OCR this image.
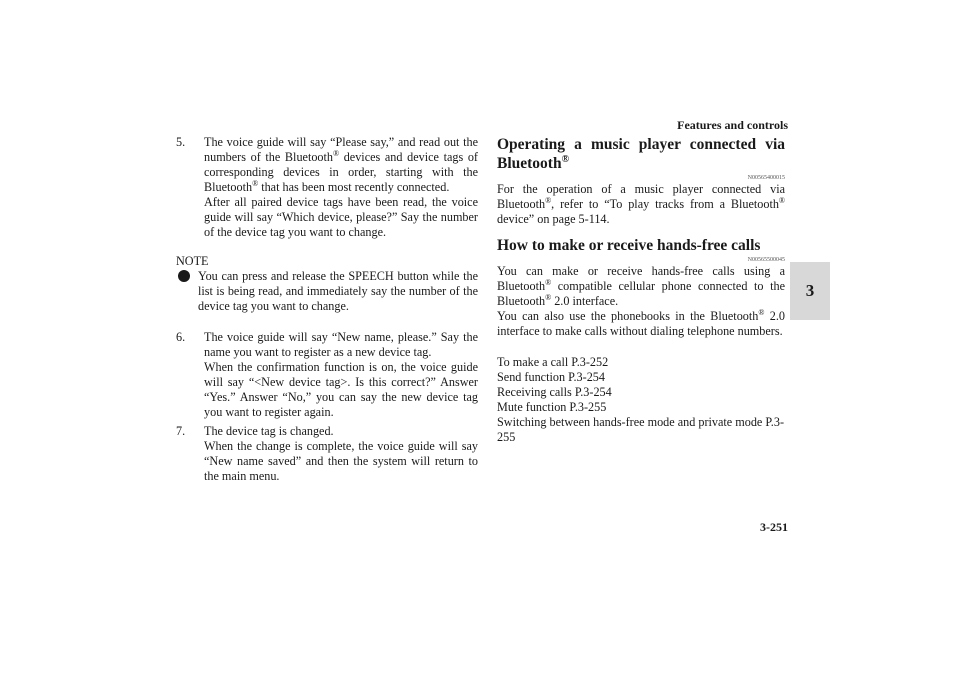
Features and controls
3
5.	The voice guide will say “Please say,” and read out the numbers of the Bluetooth® devices and device tags of corresponding devices in order, starting with the Bluetooth® that has been most recently connected.

After all paired device tags have been read, the voice guide will say “Which device, please?” Say the number of the device tag you want to change.

NOTE

You can press and release the SPEECH button while the list is being read, and immediately say the number of the device tag you want to change.

6.	The voice guide will say “New name, please.” Say the name you want to register as a new device tag.

When the confirmation function is on, the voice guide will say “<New device tag>. Is this correct?” Answer “Yes.” Answer “No,” you can say the new device tag you want to register again.

7.	The device tag is changed.

When the change is complete, the voice guide will say “New name saved” and then the system will return to the main menu.

Operating a music player connected via Bluetooth®
N00565400015

For the operation of a music player connected via Bluetooth®, refer to “To play tracks from a Bluetooth® device” on page 5-114.

How to make or receive hands-free calls
N00565500045

You can make or receive hands-free calls using a Bluetooth® compatible cellular phone connected to the Bluetooth® 2.0 interface.

You can also use the phonebooks in the Bluetooth® 2.0 interface to make calls without dialing telephone numbers.

To make a call P.3-252

Send function P.3-254

Receiving calls P.3-254

Mute function P.3-255

Switching between hands-free mode and private mode P.3-255

3-251
